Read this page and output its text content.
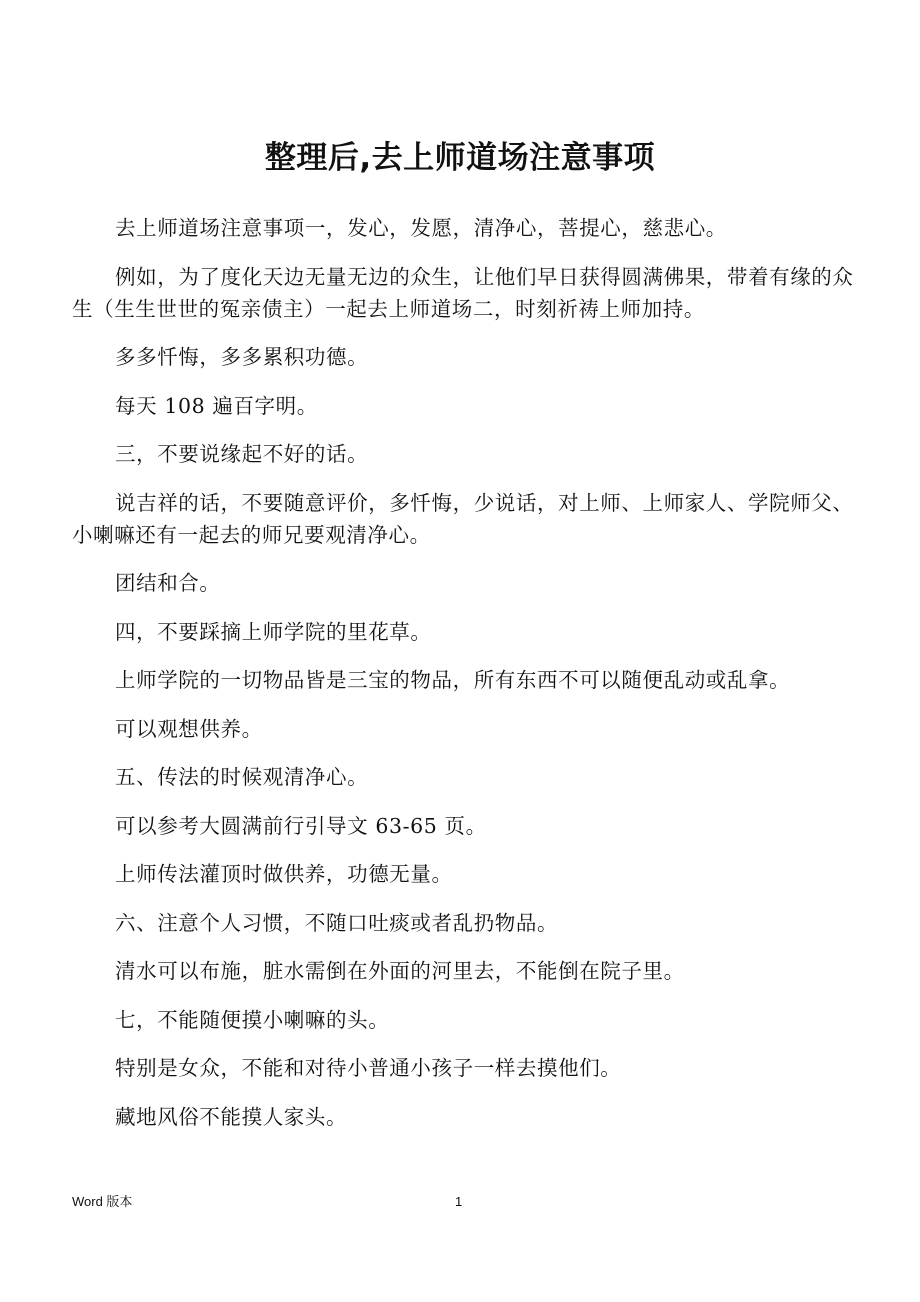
整理后,去上师道场注意事项

去上师道场注意事项一，发心，发愿，清净心，菩提心，慈悲心。

例如，为了度化天边无量无边的众生，让他们早日获得圆满佛果，带着有缘的众生（生生世世的冤亲债主）一起去上师道场二，时刻祈祷上师加持。

多多忏悔，多多累积功德。

每天 108 遍百字明。

三，不要说缘起不好的话。

说吉祥的话，不要随意评价，多忏悔，少说话，对上师、上师家人、学院师父、小喇嘛还有一起去的师兄要观清净心。

团结和合。

四，不要踩摘上师学院的里花草。

上师学院的一切物品皆是三宝的物品，所有东西不可以随便乱动或乱拿。

可以观想供养。

五、传法的时候观清净心。

可以参考大圆满前行引导文 63-65 页。

上师传法灌顶时做供养，功德无量。

六、注意个人习惯，不随口吐痰或者乱扔物品。

清水可以布施，脏水需倒在外面的河里去，不能倒在院子里。

七，不能随便摸小喇嘛的头。

特别是女众，不能和对待小普通小孩子一样去摸他们。

藏地风俗不能摸人家头。

Word 版本	1
